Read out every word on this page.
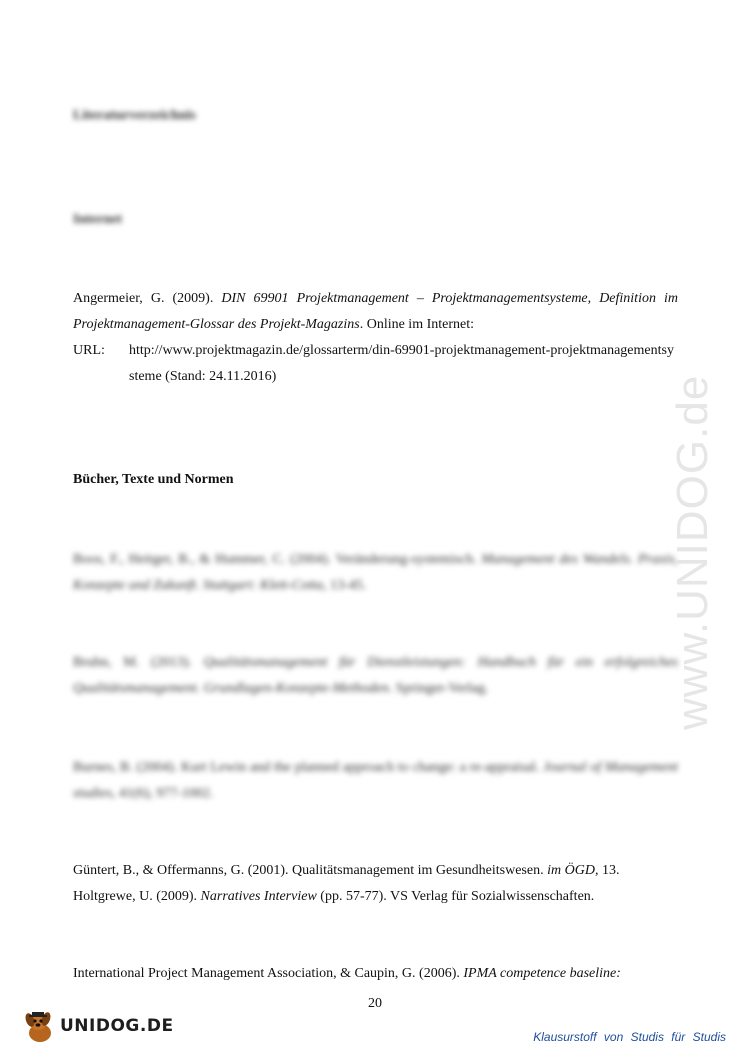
Literaturverzeichnis
Internet
Angermeier, G. (2009). DIN 69901 Projektmanagement – Projektmanagementsysteme, Definition im Projektmanagement-Glossar des Projekt-Magazins. Online im Internet:
URL:	http://www.projektmagazin.de/glossarterm/din-69901-projektmanagement-projektmanagementsysteme (Stand: 24.11.2016)
Bücher, Texte und Normen
Boos, F., Heitger, B., & Hummer, C. (2004). Veränderung-systemisch. Management des Wandels. Praxis, Konzepte und Zukunft. Stuttgart: Klett-Cotta, 13-45.
Bruhn, M. (2013). Qualitätsmanagement für Dienstleistungen: Handbuch für ein erfolgreiches Qualitätsmanagement. Grundlagen-Konzepte-Methoden. Springer-Verlag.
Burnes, B. (2004). Kurt Lewin and the planned approach to change: a re-appraisal. Journal of Management studies, 41(6), 977-1002.
Güntert, B., & Offermanns, G. (2001). Qualitätsmanagement im Gesundheitswesen. im ÖGD, 13.
Holtgrewe, U. (2009). Narratives Interview (pp. 57-77). VS Verlag für Sozialwissenschaften.
International Project Management Association, & Caupin, G. (2006). IPMA competence baseline:
20
www.UNIDOG.de
UNIDOG.DE
Klausurstoff von Studis für Studis
